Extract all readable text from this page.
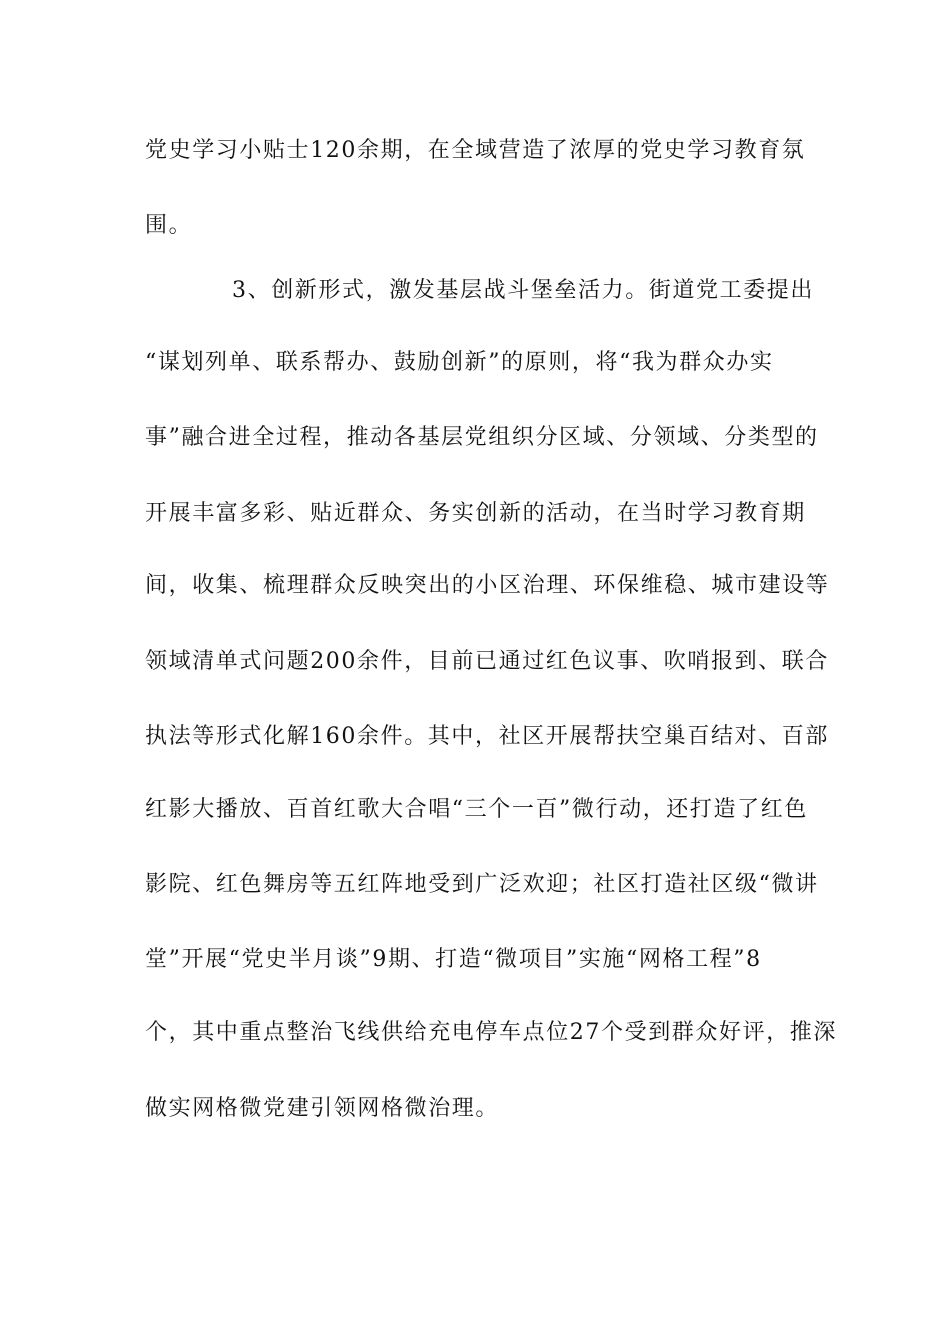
党史学习小贴士120余期，在全域营造了浓厚的党史学习教育氛
围。
3、创新形式，激发基层战斗堡垒活力。街道党工委提出
“谋划列单、联系帮办、鼓励创新”的原则，将“我为群众办实
事”融合进全过程，推动各基层党组织分区域、分领域、分类型的
开展丰富多彩、贴近群众、务实创新的活动，在当时学习教育期
间，收集、梳理群众反映突出的小区治理、环保维稳、城市建设等
领域清单式问题200余件，目前已通过红色议事、吹哨报到、联合
执法等形式化解160余件。其中，社区开展帮扶空巢百结对、百部
红影大播放、百首红歌大合唱“三个一百”微行动，还打造了红色
影院、红色舞房等五红阵地受到广泛欢迎；社区打造社区级“微讲
堂”开展“党史半月谈”9期、打造“微项目”实施“网格工程”8
个，其中重点整治飞线供给充电停车点位27个受到群众好评，推深
做实网格微党建引领网格微治理。
